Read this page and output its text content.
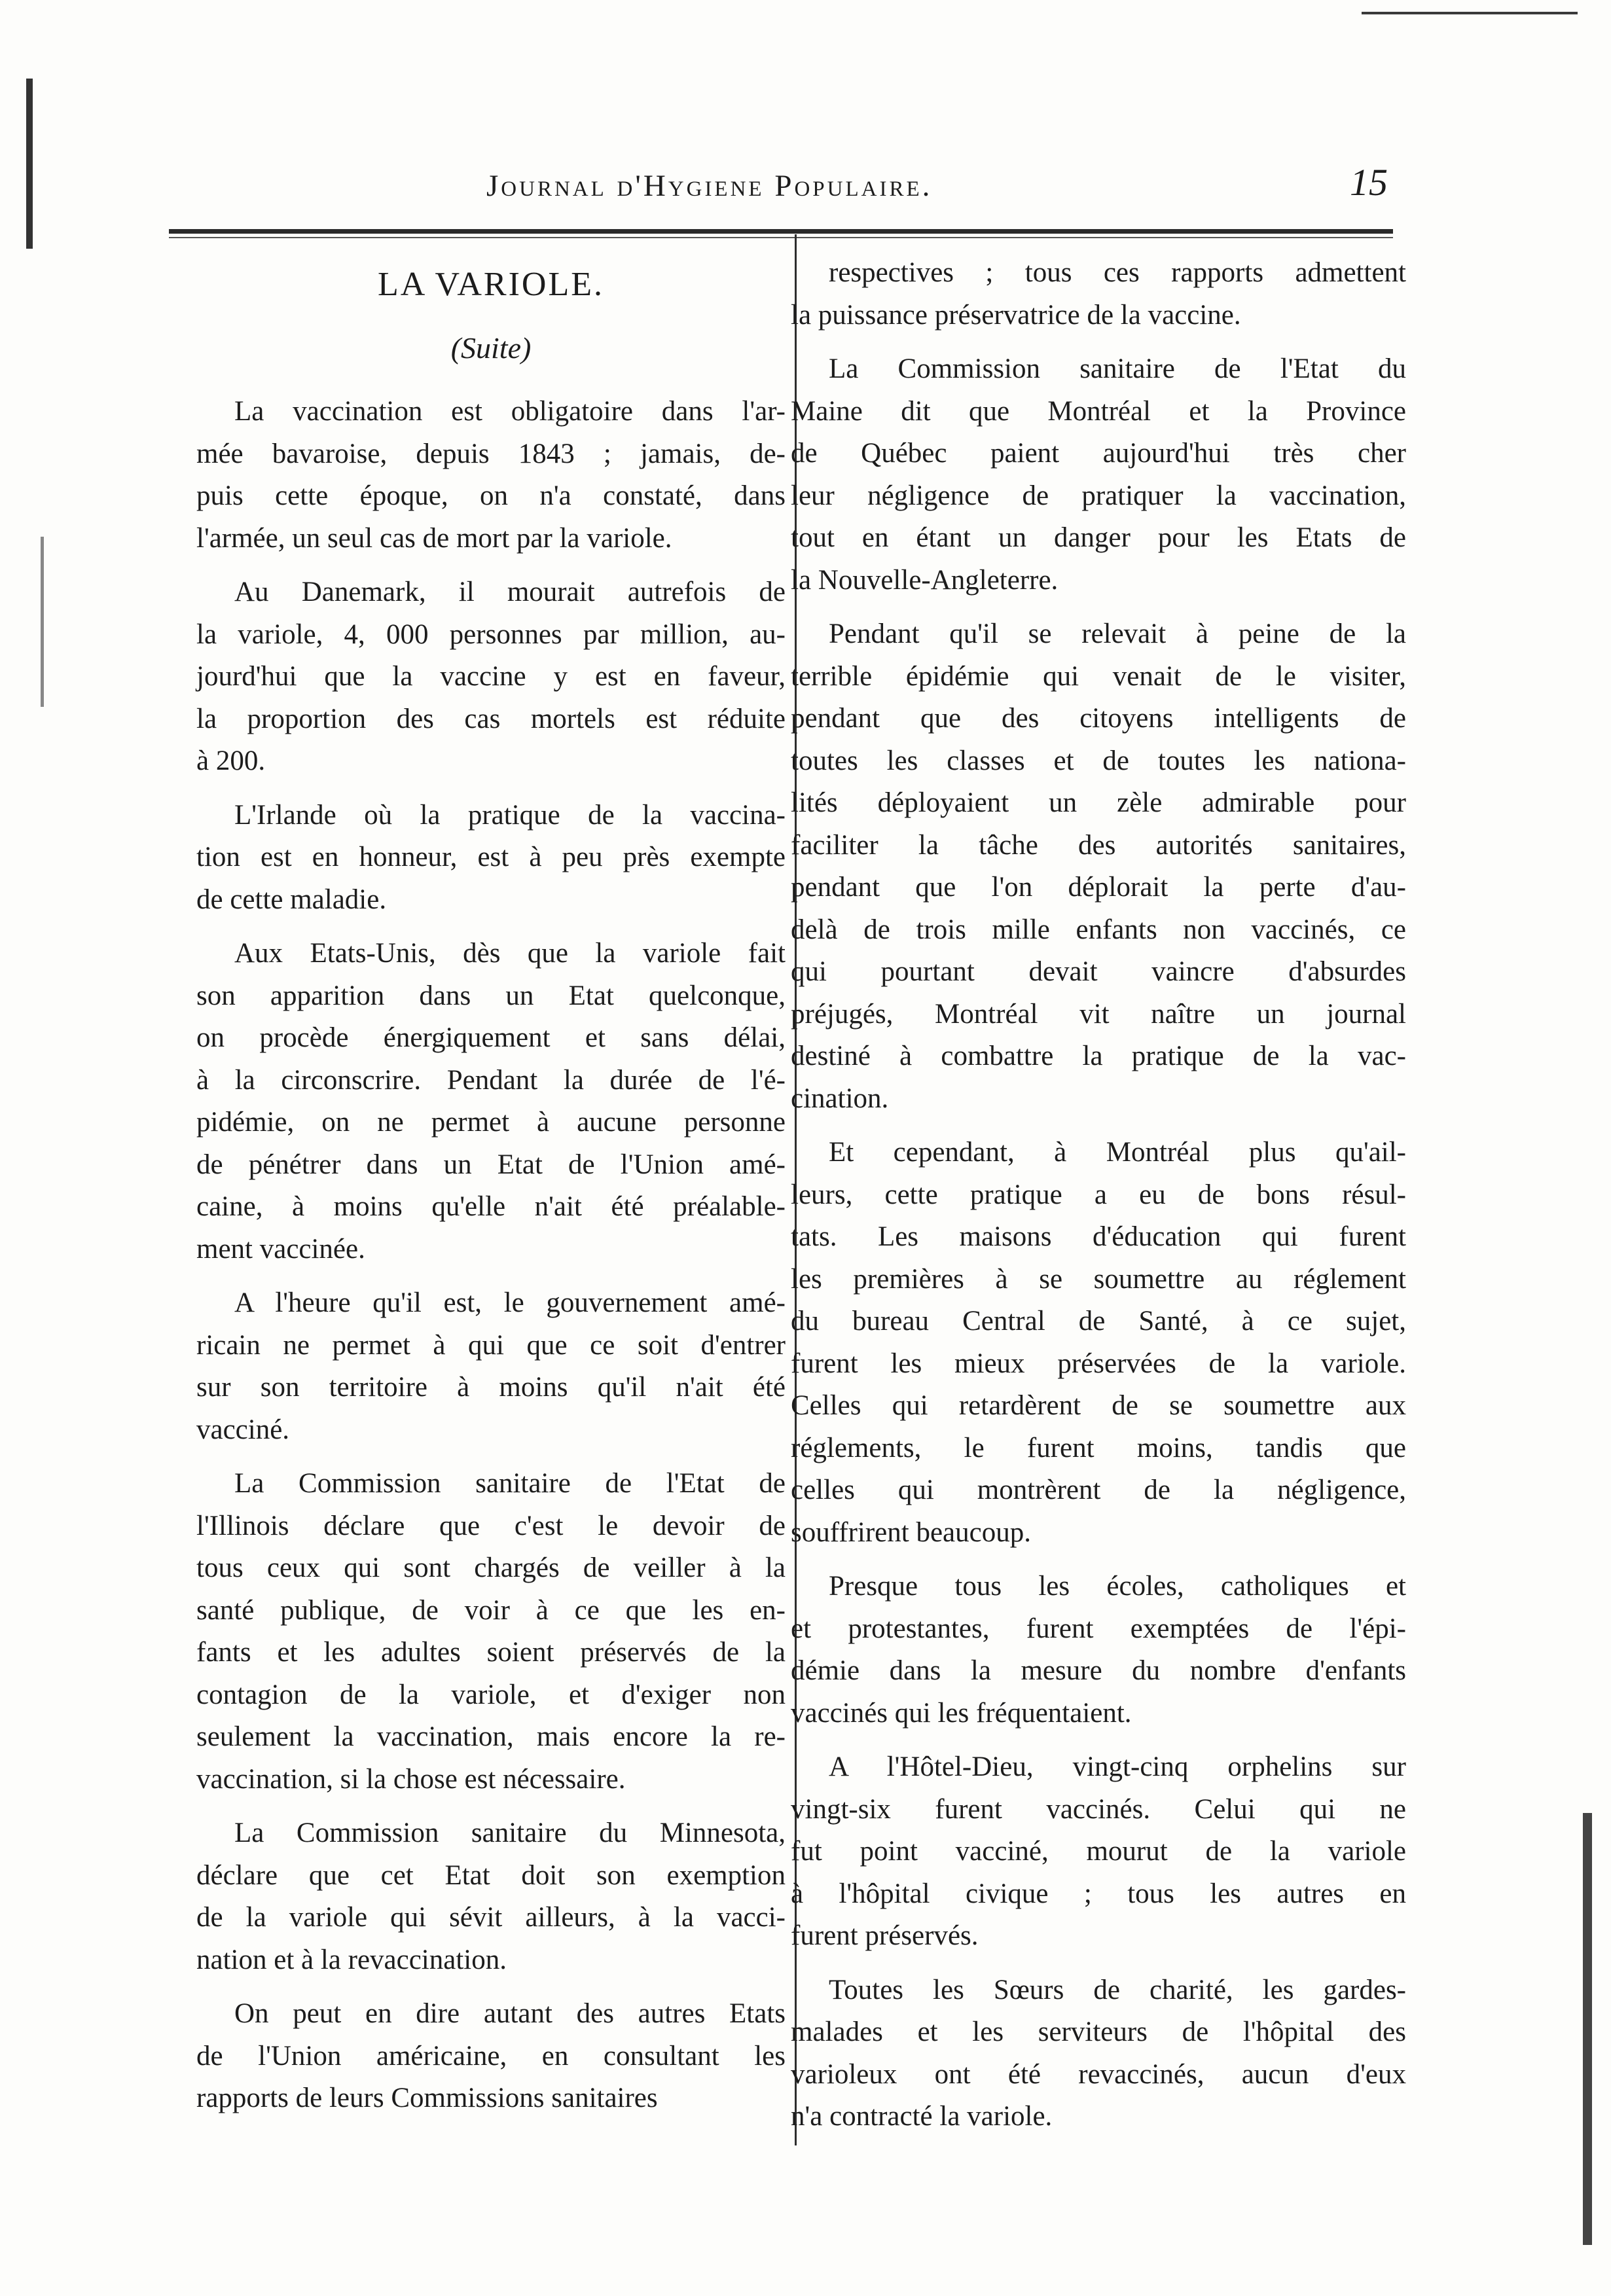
Journal d'Hygiene Populaire.	15
LA VARIOLE.
(Suite)
La vaccination est obligatoire dans l'ar-
mée bavaroise, depuis 1843 ; jamais, de-
puis cette époque, on n'a constaté, dans
l'armée, un seul cas de mort par la variole.
Au Danemark, il mourait autrefois de
la variole, 4, 000 personnes par million, au-
jourd'hui que la vaccine y est en faveur,
la proportion des cas mortels est réduite
à 200.
L'Irlande où la pratique de la vaccina-
tion est en honneur, est à peu près exempte
de cette maladie.
Aux Etats-Unis, dès que la variole fait
son apparition dans un Etat quelconque,
on procède énergiquement et sans délai,
à la circonscrire. Pendant la durée de l'é-
pidémie, on ne permet à aucune personne
de pénétrer dans un Etat de l'Union amé-
caine, à moins qu'elle n'ait été préalable-
ment vaccinée.
A l'heure qu'il est, le gouvernement amé-
ricain ne permet à qui que ce soit d'entrer
sur son territoire à moins qu'il n'ait été
vacciné.
La Commission sanitaire de l'Etat de
l'Illinois déclare que c'est le devoir de
tous ceux qui sont chargés de veiller à la
santé publique, de voir à ce que les en-
fants et les adultes soient préservés de la
contagion de la variole, et d'exiger non
seulement la vaccination, mais encore la re-
vaccination, si la chose est nécessaire.
La Commission sanitaire du Minnesota,
déclare que cet Etat doit son exemption
de la variole qui sévit ailleurs, à la vacci-
nation et à la revaccination.
On peut en dire autant des autres Etats
de l'Union américaine, en consultant les
rapports de leurs Commissions sanitaires
respectives ; tous ces rapports admettent
la puissance préservatrice de la vaccine.
La Commission sanitaire de l'Etat du
Maine dit que Montréal et la Province
de Québec paient aujourd'hui très cher
leur négligence de pratiquer la vaccination,
tout en étant un danger pour les Etats de
la Nouvelle-Angleterre.
Pendant qu'il se relevait à peine de la
terrible épidémie qui venait de le visiter,
pendant que des citoyens intelligents de
toutes les classes et de toutes les nationa-
lités déployaient un zèle admirable pour
faciliter la tâche des autorités sanitaires,
pendant que l'on déplorait la perte d'au-
delà de trois mille enfants non vaccinés, ce
qui pourtant devait vaincre d'absurdes
préjugés, Montréal vit naître un journal
destiné à combattre la pratique de la vac-
cination.
Et cependant, à Montréal plus qu'ail-
leurs, cette pratique a eu de bons résul-
tats. Les maisons d'éducation qui furent
les premières à se soumettre au réglement
du bureau Central de Santé, à ce sujet,
furent les mieux préservées de la variole.
Celles qui retardèrent de se soumettre aux
réglements, le furent moins, tandis que
celles qui montrèrent de la négligence,
souffrirent beaucoup.
Presque tous les écoles, catholiques et
et protestantes, furent exemptées de l'épi-
démie dans la mesure du nombre d'enfants
vaccinés qui les fréquentaient.
A l'Hôtel-Dieu, vingt-cinq orphelins sur
vingt-six furent vaccinés. Celui qui ne
fut point vacciné, mourut de la variole
à l'hôpital civique ; tous les autres en
furent préservés.
Toutes les Sœurs de charité, les gardes-
malades et les serviteurs de l'hôpital des
varioleux ont été revaccinés, aucun d'eux
n'a contracté la variole.
